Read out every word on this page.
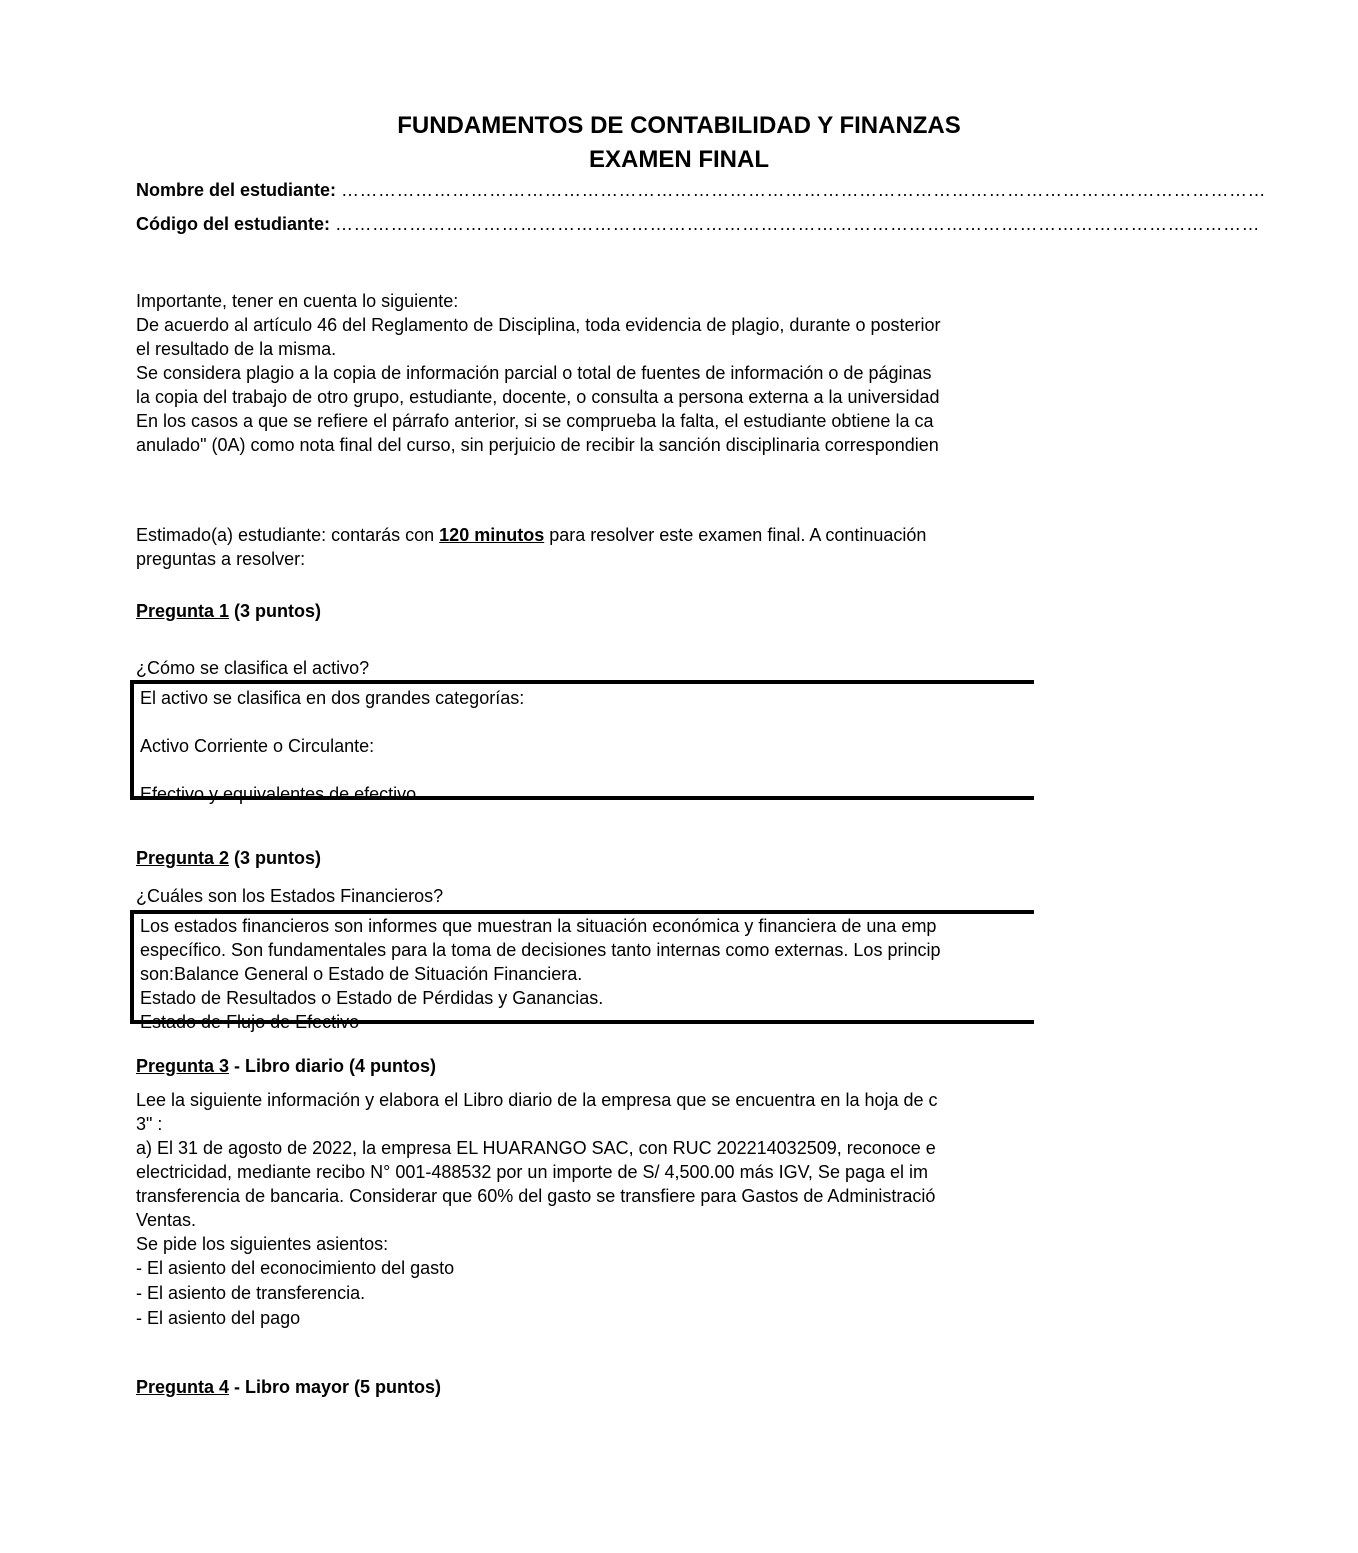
FUNDAMENTOS DE CONTABILIDAD Y FINANZAS
EXAMEN FINAL
Nombre del estudiante: ……………………………………………………………………………………………………………………………………
Código del estudiante: ……………………………………………………………………………………………………………………………………
Importante, tener en cuenta lo siguiente:
De acuerdo al artículo 46 del Reglamento de Disciplina, toda evidencia de plagio, durante o posterior
el resultado de la misma.
Se considera plagio a la copia de información parcial o total de fuentes de información o de páginas
la copia del trabajo de otro grupo, estudiante, docente, o consulta a persona externa a la universidad
En los casos a que se refiere el párrafo anterior, si se comprueba la falta, el estudiante obtiene la ca
anulado" (0A) como nota final del curso, sin perjuicio de recibir la sanción disciplinaria correspondien
Estimado(a) estudiante: contarás con 120 minutos para resolver este examen final. A continuación
preguntas a resolver:
Pregunta 1 (3 puntos)
¿Cómo se clasifica el activo?
El activo se clasifica en dos grandes categorías:
Activo Corriente o Circulante:
Efectivo y equivalentes de efectivo
Pregunta 2 (3 puntos)
¿Cuáles son los Estados Financieros?
Los estados financieros son informes que muestran la situación económica y financiera de una emp
específico. Son fundamentales para la toma de decisiones tanto internas como externas. Los princip
son:Balance General o Estado de Situación Financiera.
Estado de Resultados o Estado de Pérdidas y Ganancias.
Estado de Flujo de Efectivo
Pregunta 3 - Libro diario (4 puntos)
Lee la siguiente información y elabora el Libro diario de la empresa que se encuentra en la hoja de c
3" :
a) El 31 de agosto de 2022, la empresa EL HUARANGO SAC, con RUC 202214032509, reconoce e
electricidad, mediante recibo N° 001-488532 por un importe de S/ 4,500.00 más IGV, Se paga el im
transferencia de bancaria. Considerar que 60% del gasto se transfiere para Gastos de Administració
Ventas.
Se pide los siguientes asientos:
- El asiento del econocimiento del gasto
- El asiento de transferencia.
- El asiento del pago
Pregunta 4 - Libro mayor (5 puntos)
